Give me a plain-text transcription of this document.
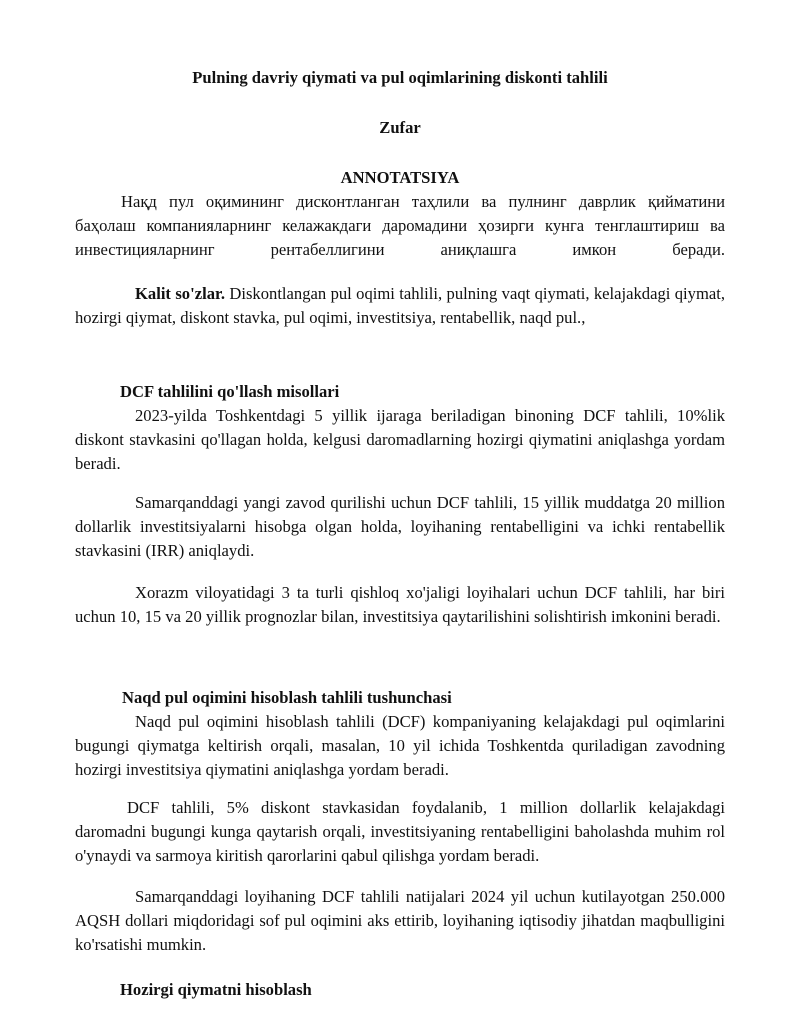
Pulning davriy qiymati va pul oqimlarining diskonti tahlili
Zufar
ANNOTATSIYA

Нақд пул оқимининг дисконтланган таҳлили ва пулнинг даврлик қийматини баҳолаш компанияларнинг келажакдаги даромадини ҳозирги кунга тенглаштириш ва инвестицияларнинг рентабеллигини аниқлашга имкон беради.

Kalit so'zlar. Diskontlangan pul oqimi tahlili, pulning vaqt qiymati, kelajakdagi qiymat, hozirgi qiymat, diskont stavka, pul oqimi, investitsiya, rentabellik, naqd pul.,

DCF tahlilini qo'llash misollari

2023-yilda Toshkentdagi 5 yillik ijaraga beriladigan binoning DCF tahlili, 10%lik diskont stavkasini qo'llagan holda, kelgusi daromadlarning hozirgi qiymatini aniqlashga yordam beradi.

Samarqanddagi yangi zavod qurilishi uchun DCF tahlili, 15 yillik muddatga 20 million dollarlik investitsiyalarni hisobga olgan holda, loyihaning rentabelligini va ichki rentabellik stavkasini (IRR) aniqlaydi.

Xorazm viloyatidagi 3 ta turli qishloq xo'jaligi loyihalari uchun DCF tahlili, har biri uchun 10, 15 va 20 yillik prognozlar bilan, investitsiya qaytarilishini solishtirish imkonini beradi.

Naqd pul oqimini hisoblash tahlili tushunchasi

Naqd pul oqimini hisoblash tahlili (DCF) kompaniyaning kelajakdagi pul oqimlarini bugungi qiymatga keltirish orqali, masalan, 10 yil ichida Toshkentda quriladigan zavodning hozirgi investitsiya qiymatini aniqlashga yordam beradi.

DCF tahlili, 5% diskont stavkasidan foydalanib, 1 million dollarlik kelajakdagi daromadni bugungi kunga qaytarish orqali, investitsiyaning rentabelligini baholashda muhim rol o'ynaydi va sarmoya kiritish qarorlarini qabul qilishga yordam beradi.

Samarqanddagi loyihaning DCF tahlili natijalari 2024 yil uchun kutilayotgan 250.000 AQSH dollari miqdoridagi sof pul oqimini aks ettirib, loyihaning iqtisodiy jihatdan maqbulligini ko'rsatishi mumkin.

Hozirgi qiymatni hisoblash
